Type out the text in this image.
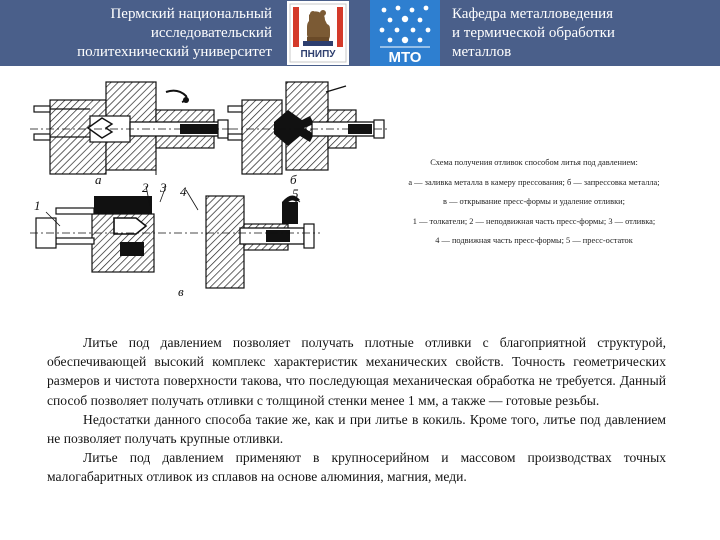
Пермский национальный
исследовательский
политехнический университет	ПНИПУ	МТО
Кафедра металловедения
и термической обработки
металлов
а	б
1
2 3 4	5
в
Схема получения отливок способом литья под давлением:
а — заливка металла в камеру прессования; б — запрессовка металла;
в — открывание пресс-формы и удаление отливки;
1 — толкатели; 2 — неподвижная часть пресс-формы; 3 — отливка;
4 — подвижная часть пресс-формы; 5 — пресс-остаток

Литье под давлением позволяет получать плотные отливки с благоприятной структурой, обеспечивающей высокий комплекс характеристик механических свойств. Точность геометрических размеров и чистота поверхности такова, что последующая механическая обработка не требуется. Данный способ позволяет получать отливки с толщиной стенки менее 1 мм, а также — готовые резьбы.

Недостатки данного способа такие же, как и при литье в кокиль. Кроме того, литье под давлением не позволяет получать крупные отливки.

Литье под давлением применяют в крупносерийном и массовом производствах точных малогабаритных отливок из сплавов на основе алюминия, магния, меди.
